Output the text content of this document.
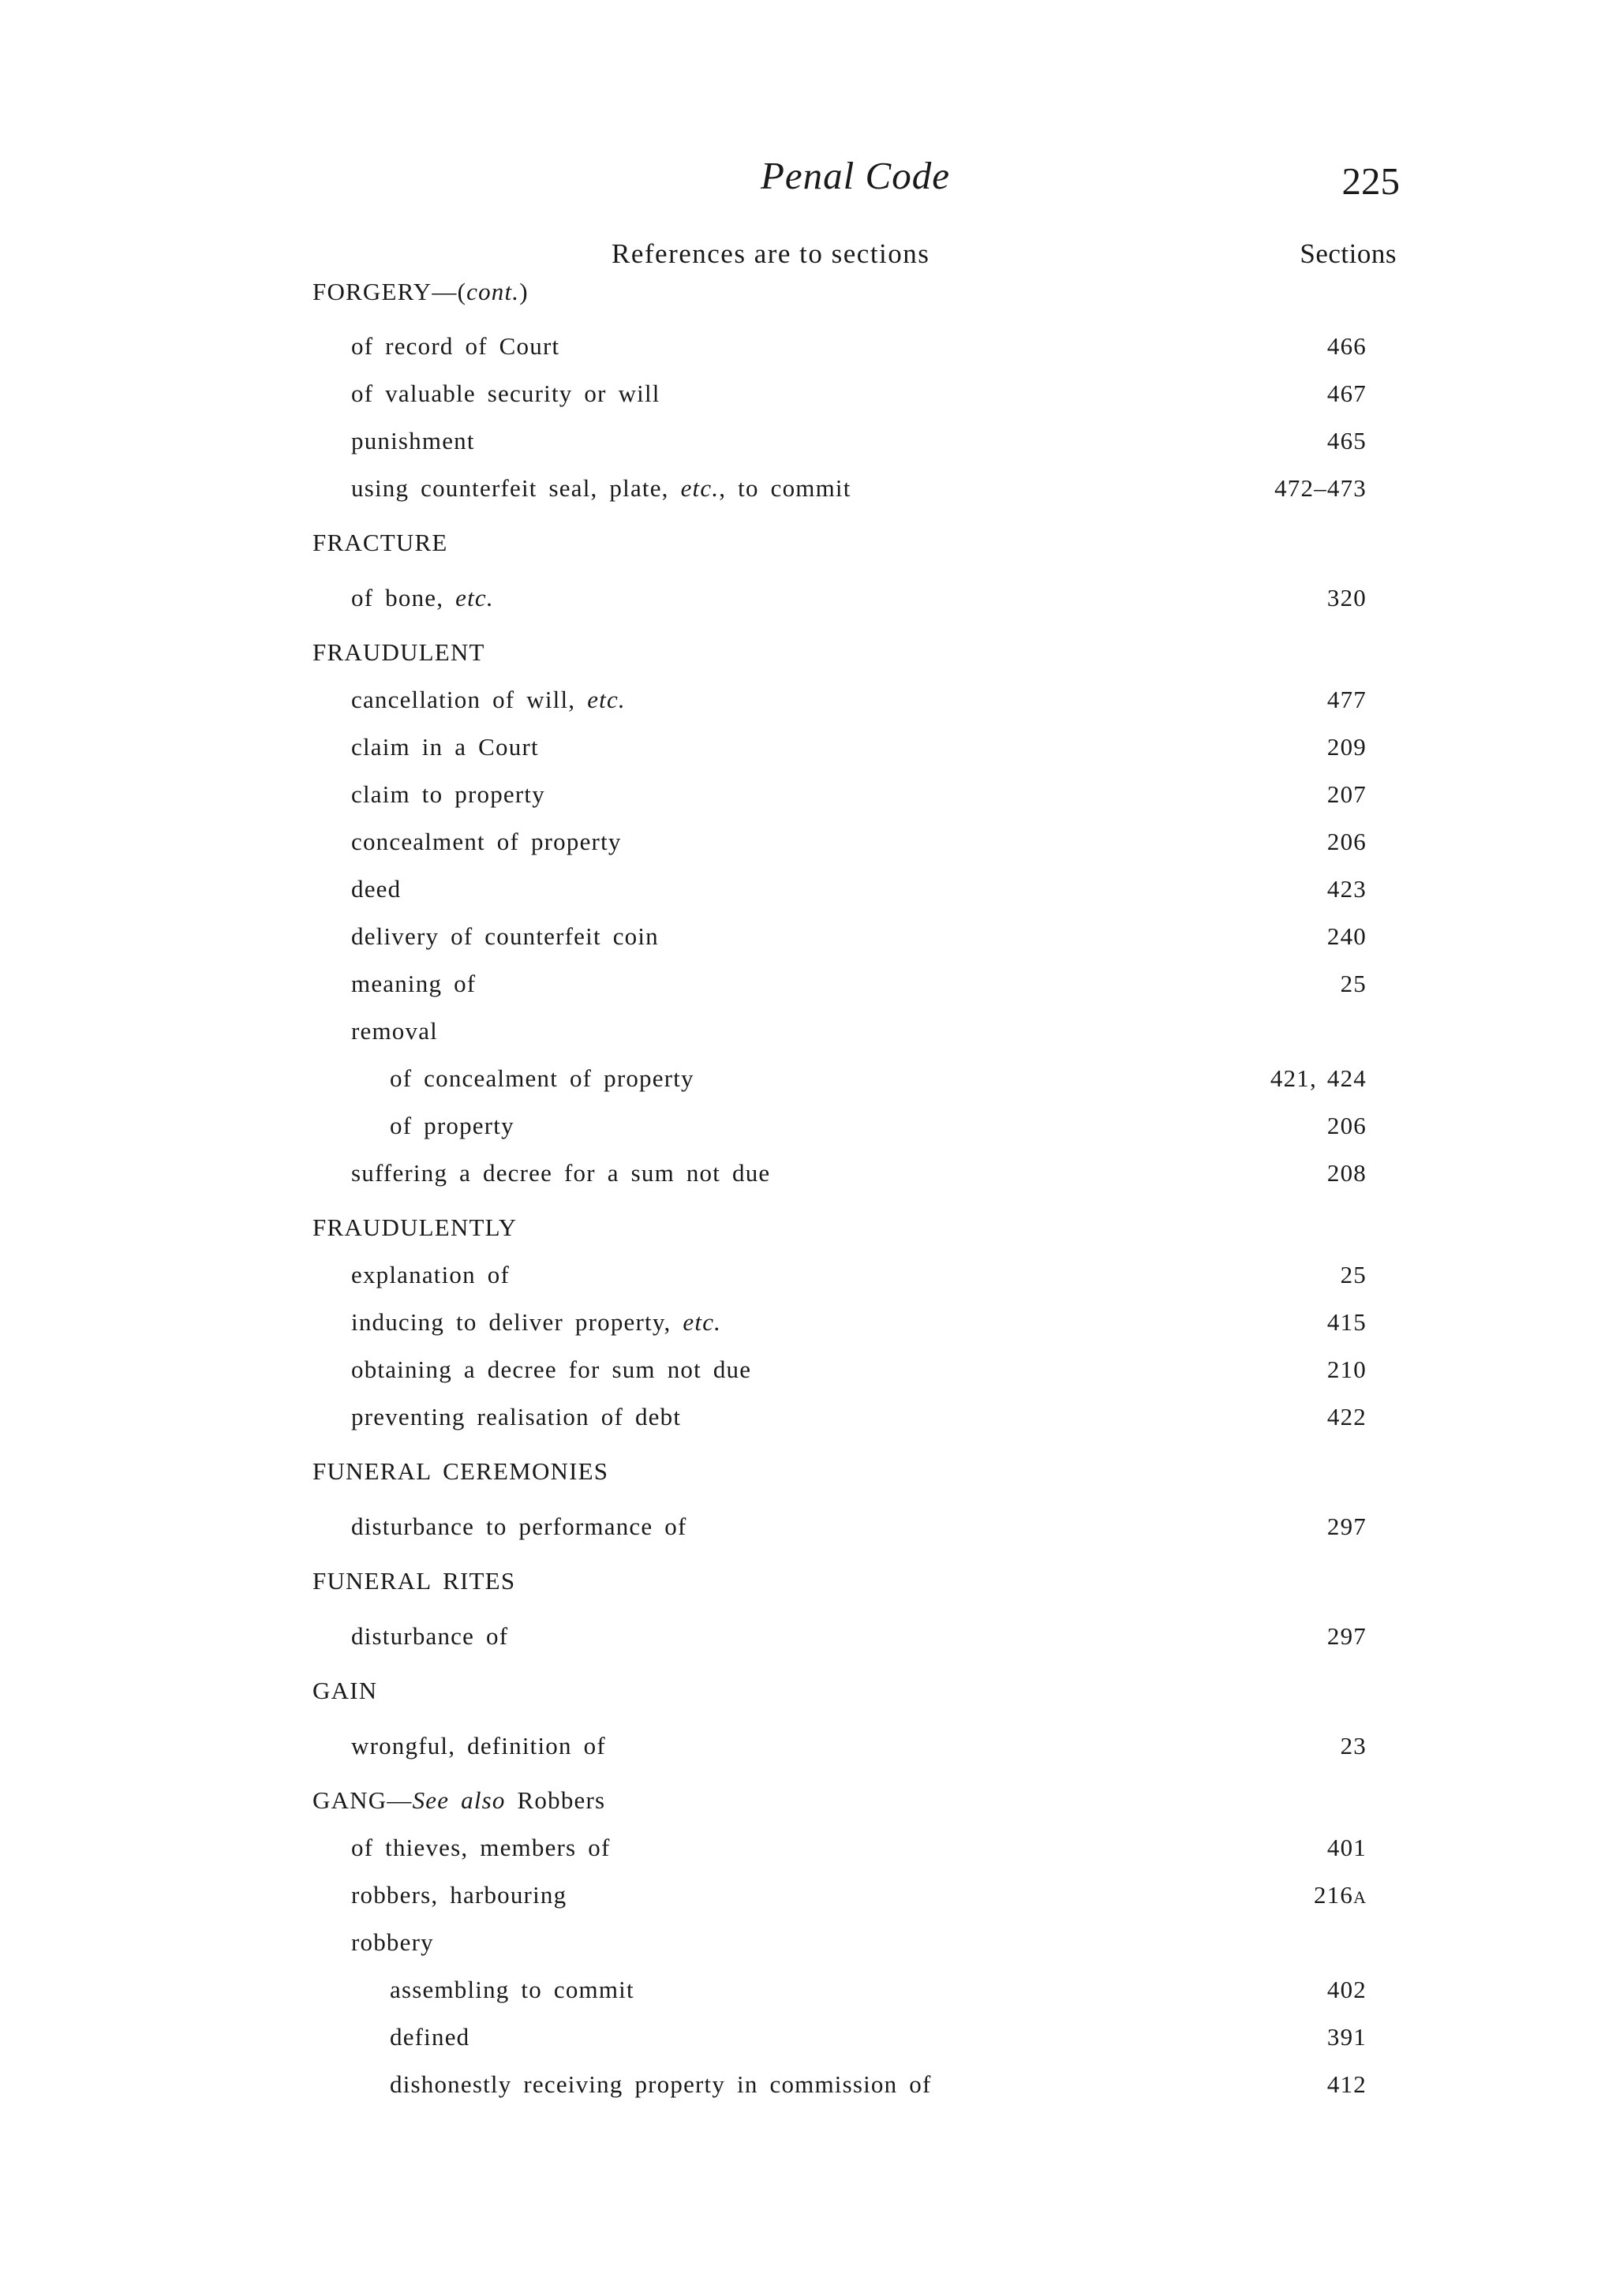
Penal Code	225
References are to sections	Sections
FORGERY—(cont.)
of record of Court	466
of valuable security or will	467
punishment	465
using counterfeit seal, plate, etc., to commit	472–473
FRACTURE
of bone, etc.	320
FRAUDULENT
cancellation of will, etc.	477
claim in a Court	209
claim to property	207
concealment of property	206
deed	423
delivery of counterfeit coin	240
meaning of	25
removal
of concealment of property	421, 424
of property	206
suffering a decree for a sum not due	208
FRAUDULENTLY
explanation of	25
inducing to deliver property, etc.	415
obtaining a decree for sum not due	210
preventing realisation of debt	422
FUNERAL CEREMONIES
disturbance to performance of	297
FUNERAL RITES
disturbance of	297
GAIN
wrongful, definition of	23
GANG—See also Robbers
of thieves, members of	401
robbers, harbouring	216A
robbery
assembling to commit	402
defined	391
dishonestly receiving property in commission of	412
